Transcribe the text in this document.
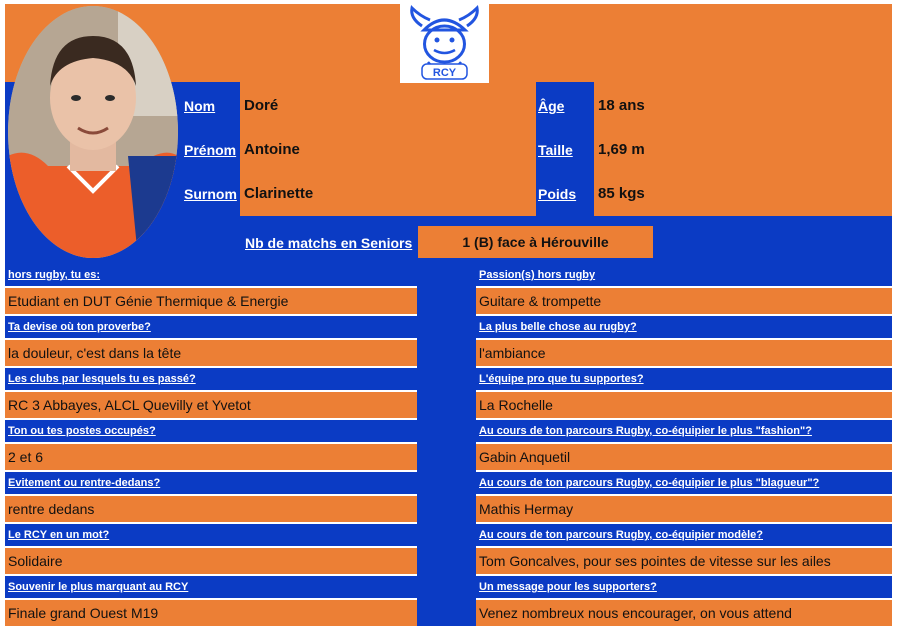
RCY
Nom Doré
Prénom Antoine
Surnom Clarinette
Âge 18 ans
Taille 1,69 m
Poids 85 kgs
Nb de matchs en Seniors	1 (B) face à Hérouville
hors rugby, tu es:
Etudiant en DUT Génie Thermique & Energie
Ta devise où ton proverbe?
la douleur, c'est dans la tête
Les clubs par lesquels tu es passé?
RC 3 Abbayes, ALCL Quevilly et Yvetot
Ton ou tes postes occupés?
2 et 6
Evitement ou rentre-dedans?
rentre dedans
Le RCY en un mot?
Solidaire
Souvenir le plus marquant au RCY
Finale grand Ouest M19
Passion(s) hors rugby
Guitare & trompette
La plus belle chose au rugby?
l'ambiance
L'équipe pro que tu supportes?
La Rochelle
Au cours de ton parcours Rugby, co-équipier le plus "fashion"?
Gabin Anquetil
Au cours de ton parcours Rugby, co-équipier le plus "blagueur"?
Mathis Hermay
Au cours de ton parcours Rugby, co-équipier modèle?
Tom Goncalves, pour ses pointes de vitesse sur les ailes
Un message pour les supporters?
Venez nombreux nous encourager, on vous attend
